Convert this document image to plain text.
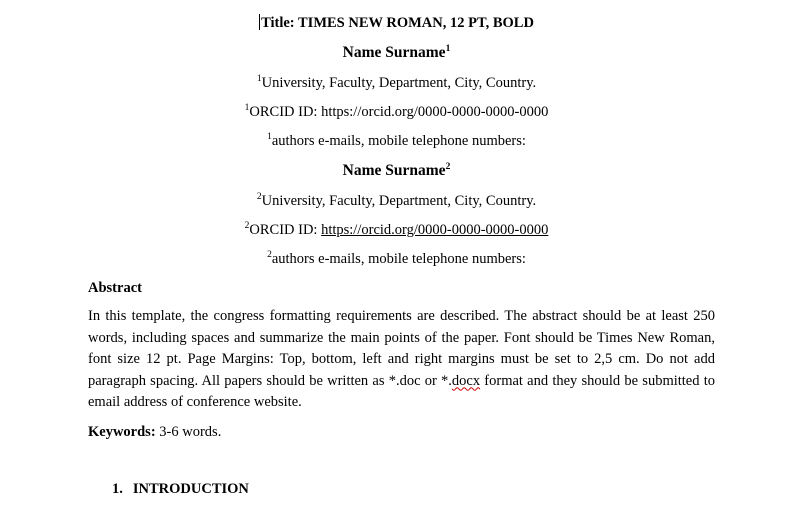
Title: TIMES NEW ROMAN, 12 PT, BOLD
Name Surname$^1$
$^1$University, Faculty, Department, City, Country.
$^1$ORCID ID: https://orcid.org/0000-0000-0000-0000
$^1$authors e-mails, mobile telephone numbers:
Name Surname$^2$
$^2$University, Faculty, Department, City, Country.
$^2$ORCID ID: https://orcid.org/0000-0000-0000-0000
$^2$authors e-mails, mobile telephone numbers:
Abstract
In this template, the congress formatting requirements are described. The abstract should be at least 250
words, including spaces and summarize the main points of the paper. Font should be Times New Roman,
font size 12 pt. Page Margins: Top, bottom, left and right margins must be set to 2,5 cm. Do not add
paragraph spacing. All papers should be written as *.doc or *.docx format and they should be submitted to
email address of conference website.
Keywords: 3-6 words.
1. INTRODUCTION
